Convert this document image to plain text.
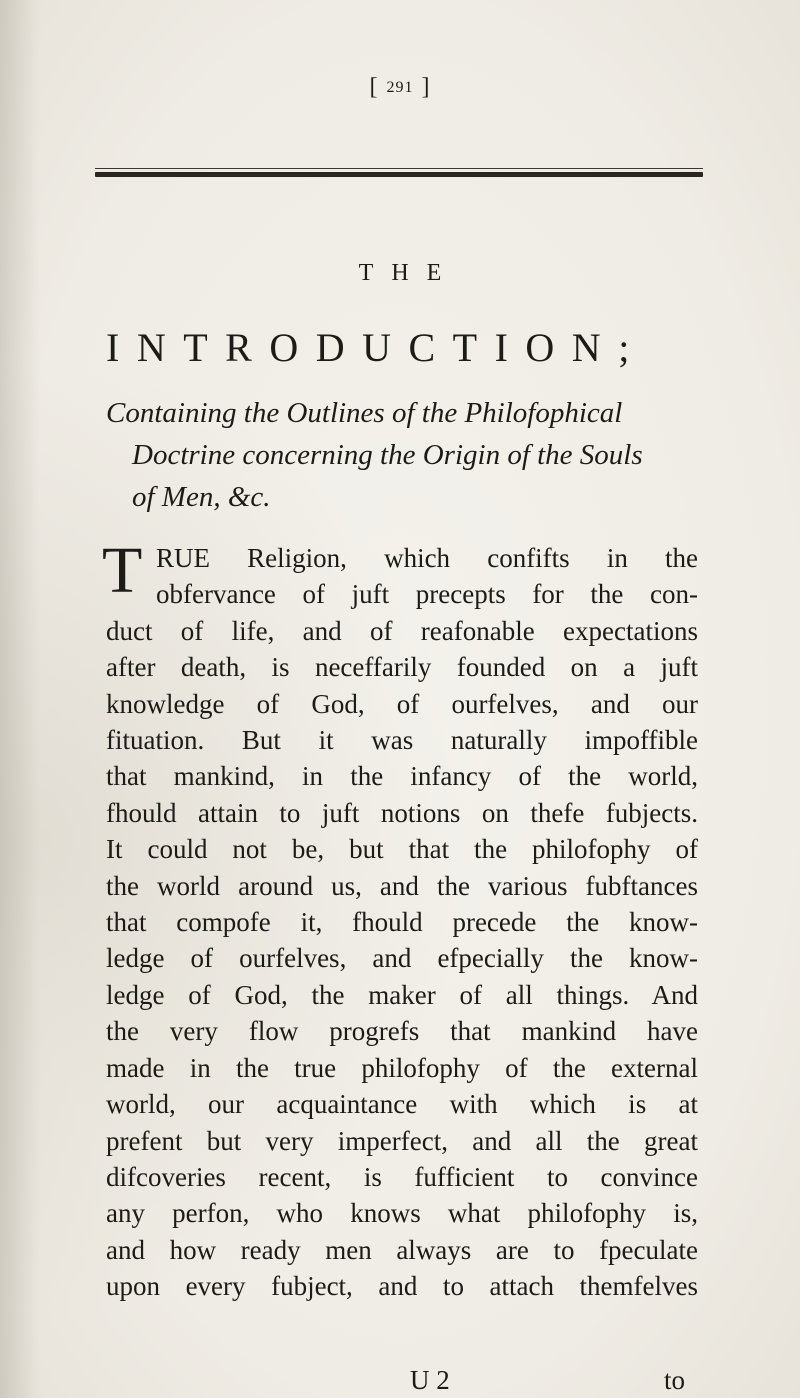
[ 291 ]
THE
INTRODUCTION;

Containing the Outlines of the Philofophical
Doctrine concerning the Origin of the Souls
of Men, &c.

T RUE Religion, which confifts in the
obfervance of juft precepts for the con-
duct of life, and of reafonable expectations
after death, is neceffarily founded on a juft
knowledge of God, of ourfelves, and our
fituation. But it was naturally impoffible
that mankind, in the infancy of the world,
fhould attain to juft notions on thefe fubjects.
It could not be, but that the philofophy of
the world around us, and the various fubftances
that compofe it, fhould precede the know-
ledge of ourfelves, and efpecially the know-
ledge of God, the maker of all things. And
the very flow progrefs that mankind have
made in the true philofophy of the external
world, our acquaintance with which is at
prefent but very imperfect, and all the great
difcoveries recent, is fufficient to convince
any perfon, who knows what philofophy is,
and how ready men always are to fpeculate
upon every fubject, and to attach themfelves

U 2	to
